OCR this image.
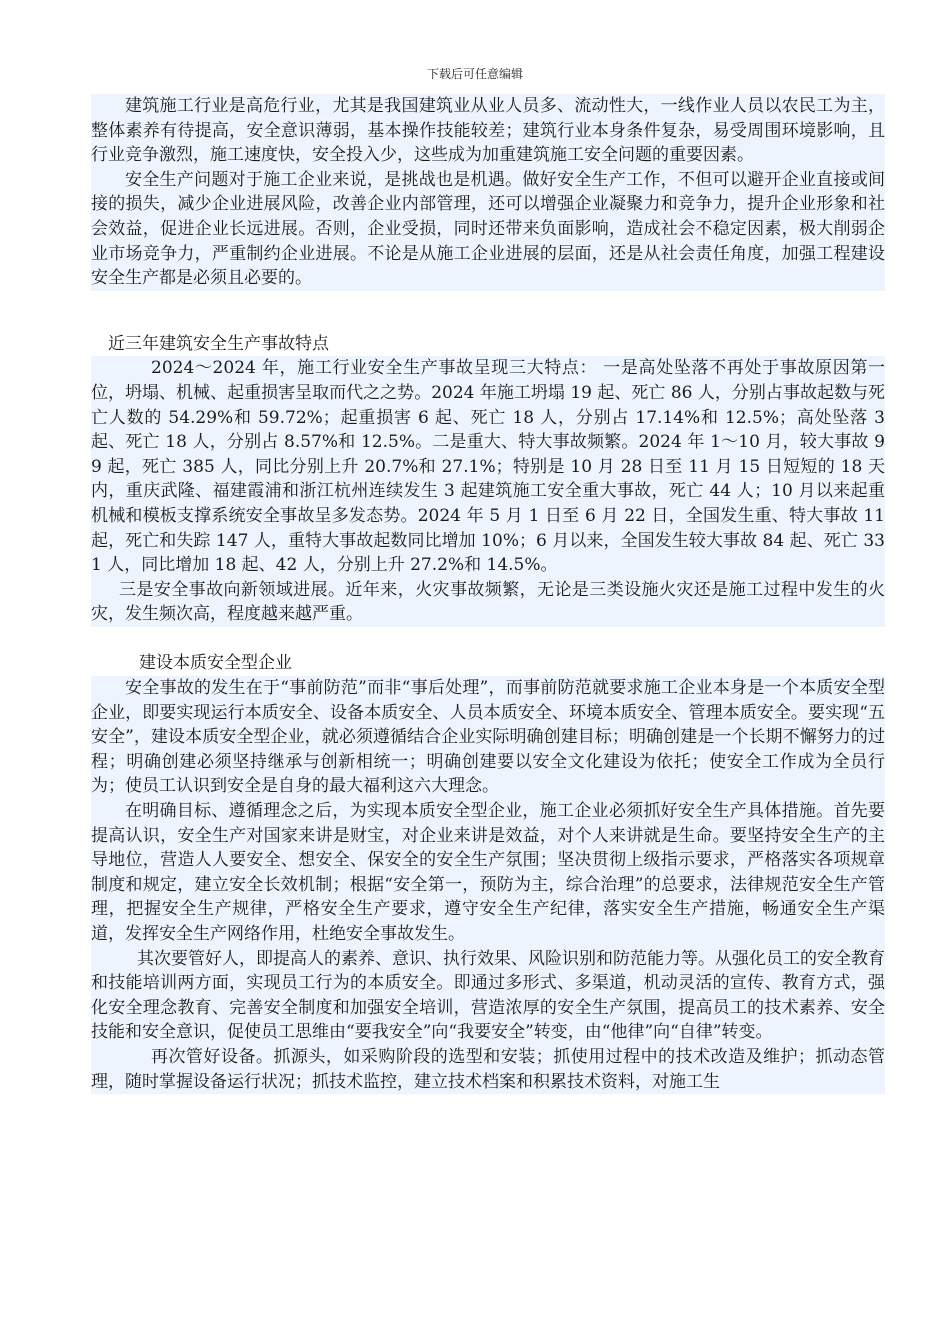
下载后可任意编辑

建筑施工行业是高危行业，尤其是我国建筑业从业人员多、流动性大，一线作业人员以农民工为主，整体素养有待提高，安全意识薄弱，基本操作技能较差；建筑行业本身条件复杂，易受周围环境影响，且行业竞争激烈，施工速度快，安全投入少，这些成为加重建筑施工安全问题的重要因素。

安全生产问题对于施工企业来说，是挑战也是机遇。做好安全生产工作，不但可以避开企业直接或间接的损失，减少企业进展风险，改善企业内部管理，还可以增强企业凝聚力和竞争力，提升企业形象和社会效益，促进企业长远进展。否则，企业受损，同时还带来负面影响，造成社会不稳定因素，极大削弱企业市场竞争力，严重制约企业进展。不论是从施工企业进展的层面，还是从社会责任角度，加强工程建设安全生产都是必须且必要的。

近三年建筑安全生产事故特点

2024～2024 年，施工行业安全生产事故呈现三大特点： 一是高处坠落不再处于事故原因第一位，坍塌、机械、起重损害呈取而代之之势。2024 年施工坍塌 19 起、死亡 86 人，分别占事故起数与死亡人数的 54.29%和 59.72%；起重损害 6 起、死亡 18 人，分别占 17.14%和 12.5%；高处坠落 3 起、死亡 18 人，分别占 8.57%和 12.5%。二是重大、特大事故频繁。2024 年 1～10 月，较大事故 99 起，死亡 385 人，同比分别上升 20.7%和 27.1%；特别是 10 月 28 日至 11 月 15 日短短的 18 天内，重庆武隆、福建霞浦和浙江杭州连续发生 3 起建筑施工安全重大事故，死亡 44 人；10 月以来起重机械和模板支撑系统安全事故呈多发态势。2024 年 5 月 1 日至 6 月 22 日，全国发生重、特大事故 11 起，死亡和失踪 147 人，重特大事故起数同比增加 10%；6 月以来，全国发生较大事故 84 起、死亡 331 人，同比增加 18 起、42 人，分别上升 27.2%和 14.5%。

三是安全事故向新领域进展。近年来，火灾事故频繁，无论是三类设施火灾还是施工过程中发生的火灾，发生频次高，程度越来越严重。

建设本质安全型企业

安全事故的发生在于“事前防范”而非“事后处理”，而事前防范就要求施工企业本身是一个本质安全型企业，即要实现运行本质安全、设备本质安全、人员本质安全、环境本质安全、管理本质安全。要实现“五安全”，建设本质安全型企业，就必须遵循结合企业实际明确创建目标；明确创建是一个长期不懈努力的过程；明确创建必须坚持继承与创新相统一；明确创建要以安全文化建设为依托；使安全工作成为全员行为；使员工认识到安全是自身的最大福利这六大理念。

在明确目标、遵循理念之后，为实现本质安全型企业，施工企业必须抓好安全生产具体措施。首先要提高认识，安全生产对国家来讲是财宝，对企业来讲是效益，对个人来讲就是生命。要坚持安全生产的主导地位，营造人人要安全、想安全、保安全的安全生产氛围；坚决贯彻上级指示要求，严格落实各项规章制度和规定，建立安全长效机制；根据“安全第一，预防为主，综合治理”的总要求，法律规范安全生产管理，把握安全生产规律，严格安全生产要求，遵守安全生产纪律，落实安全生产措施，畅通安全生产渠道，发挥安全生产网络作用，杜绝安全事故发生。

其次要管好人，即提高人的素养、意识、执行效果、风险识别和防范能力等。从强化员工的安全教育和技能培训两方面，实现员工行为的本质安全。即通过多形式、多渠道，机动灵活的宣传、教育方式，强化安全理念教育、完善安全制度和加强安全培训，营造浓厚的安全生产氛围，提高员工的技术素养、安全技能和安全意识，促使员工思维由“要我安全”向“我要安全”转变，由“他律”向“自律”转变。

再次管好设备。抓源头，如采购阶段的选型和安装；抓使用过程中的技术改造及维护；抓动态管理，随时掌握设备运行状况；抓技术监控，建立技术档案和积累技术资料，对施工生
